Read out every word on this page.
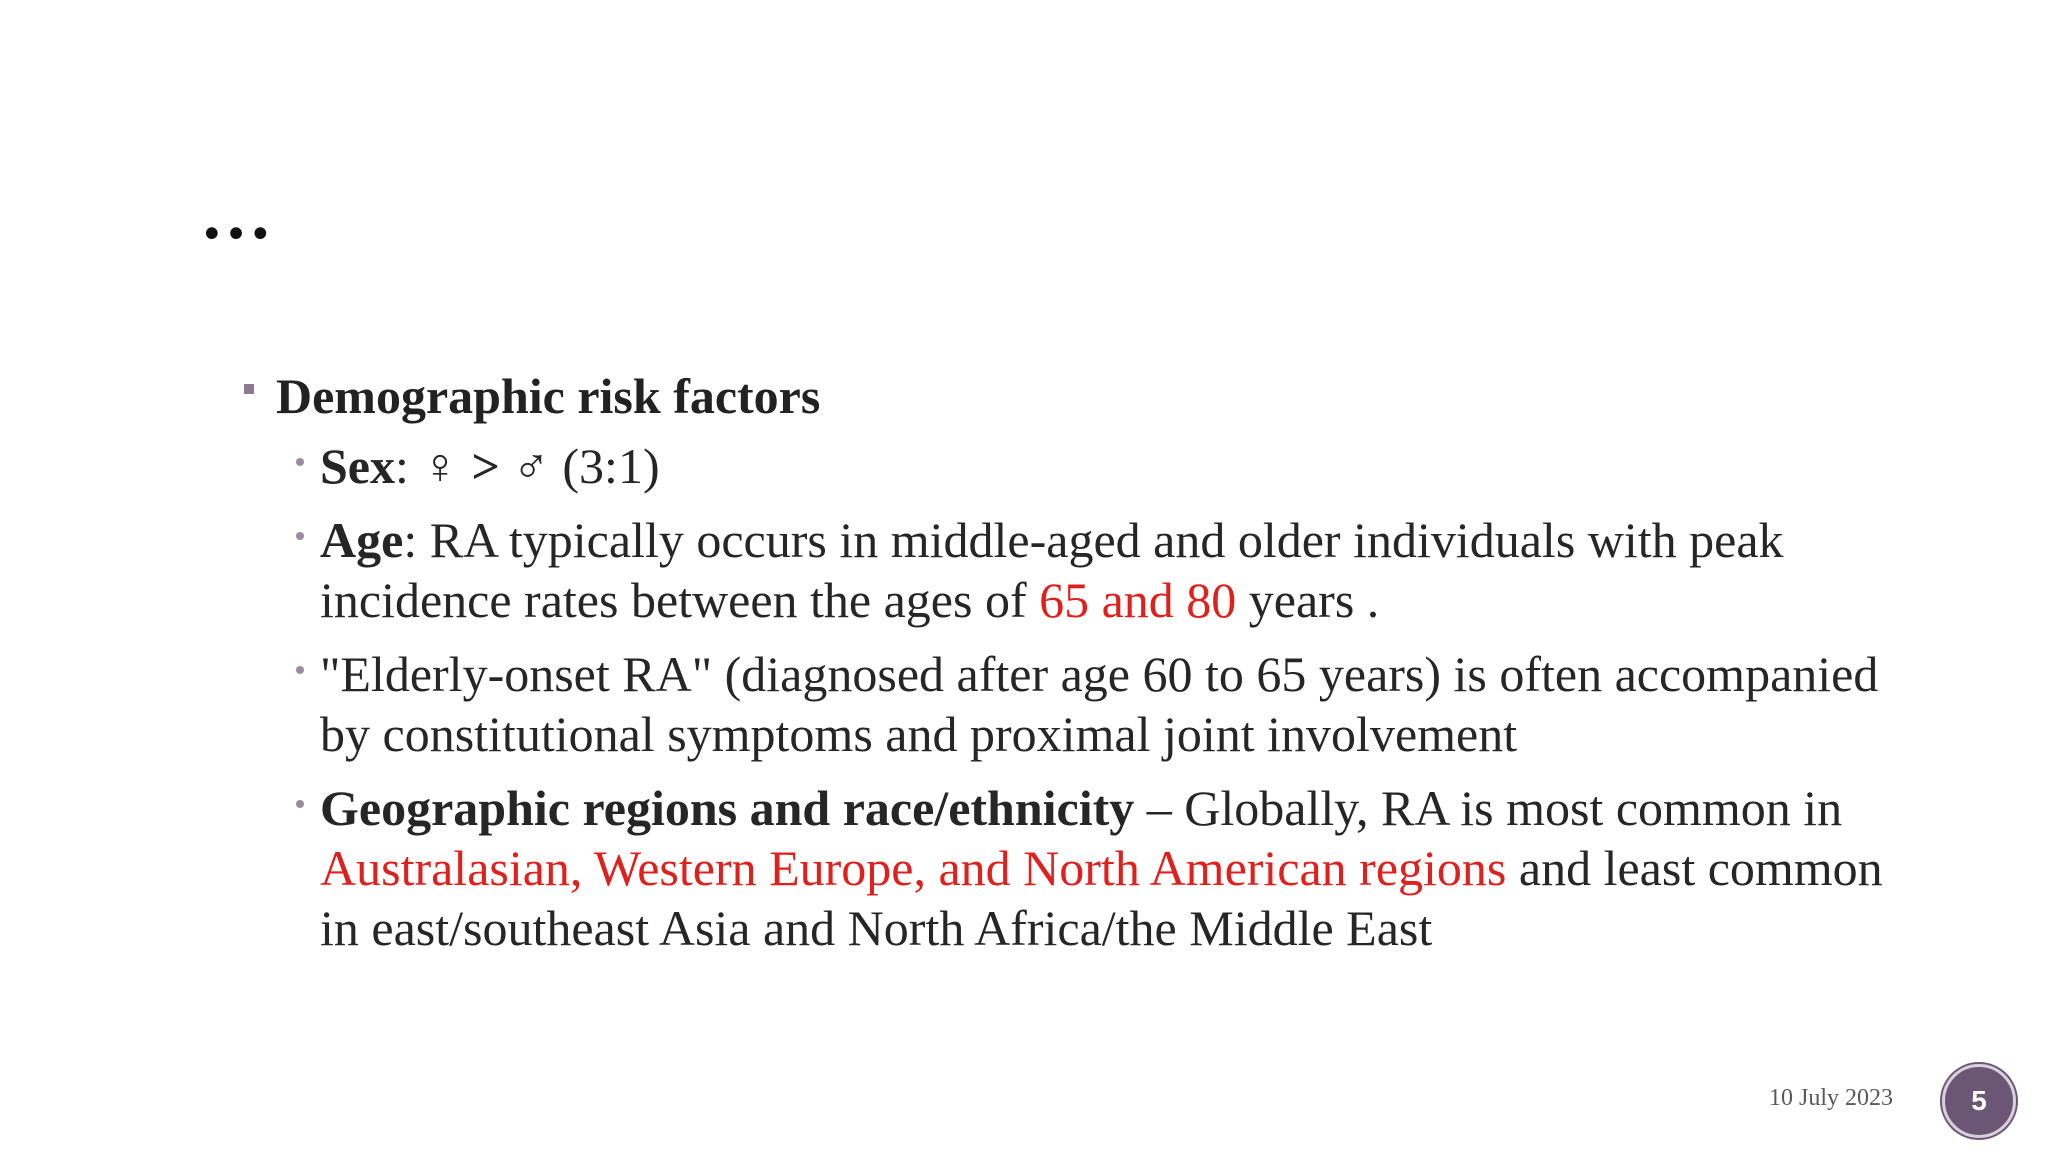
…
Demographic risk factors
Sex: ♀ > ♂ (3:1)
Age: RA typically occurs in middle-aged and older individuals with peak incidence rates between the ages of 65 and 80 years .
"Elderly-onset RA" (diagnosed after age 60 to 65 years) is often accompanied by constitutional symptoms and proximal joint involvement
Geographic regions and race/ethnicity – Globally, RA is most common in Australasian, Western Europe, and North American regions and least common in east/southeast Asia and North Africa/the Middle East
10 July 2023	5
